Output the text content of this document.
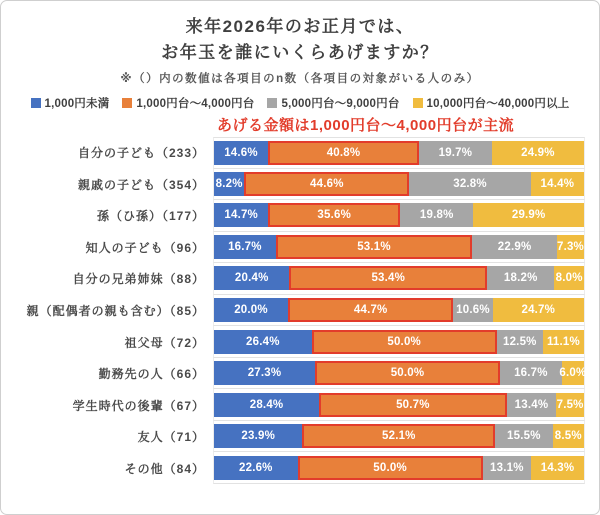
来年2026年のお正月では、
お年玉を誰にいくらあげますか？
※（）内の数値は各項目のn数（各項目の対象がいる人のみ）
1,000円未満 1,000円台～4,000円台 5,000円台～9,000円台 10,000円台～40,000円以上
あげる金額は1,000円台～4,000円台が主流
自分の子ども（233）	14.6%	40.8%	19.7%	24.9%
親戚の子ども（354） 8.2%	44.6%	32.8%	14.4%
孫（ひ孫）（177）	14.7%	35.6%	19.8%	29.9%
知人の子ども（96）	16.7%	53.1%	22.9% 7.3%
自分の兄弟姉妹（88）	20.4%	53.4%	18.2% 8.0%
親（配偶者の親も含む）（85）	20.0%	44.7%	10.6%	24.7%
祖父母（72）	26.4%	50.0%	12.5% 11.1%
勤務先の人（66）	27.3%	50.0%	16.7% 6.0%
学生時代の後輩（67）	28.4%	50.7%	13.4% 7.5%
友人（71）	23.9%	52.1%	15.5% 8.5%
その他（84）	22.6%	50.0%	13.1% 14.3%
